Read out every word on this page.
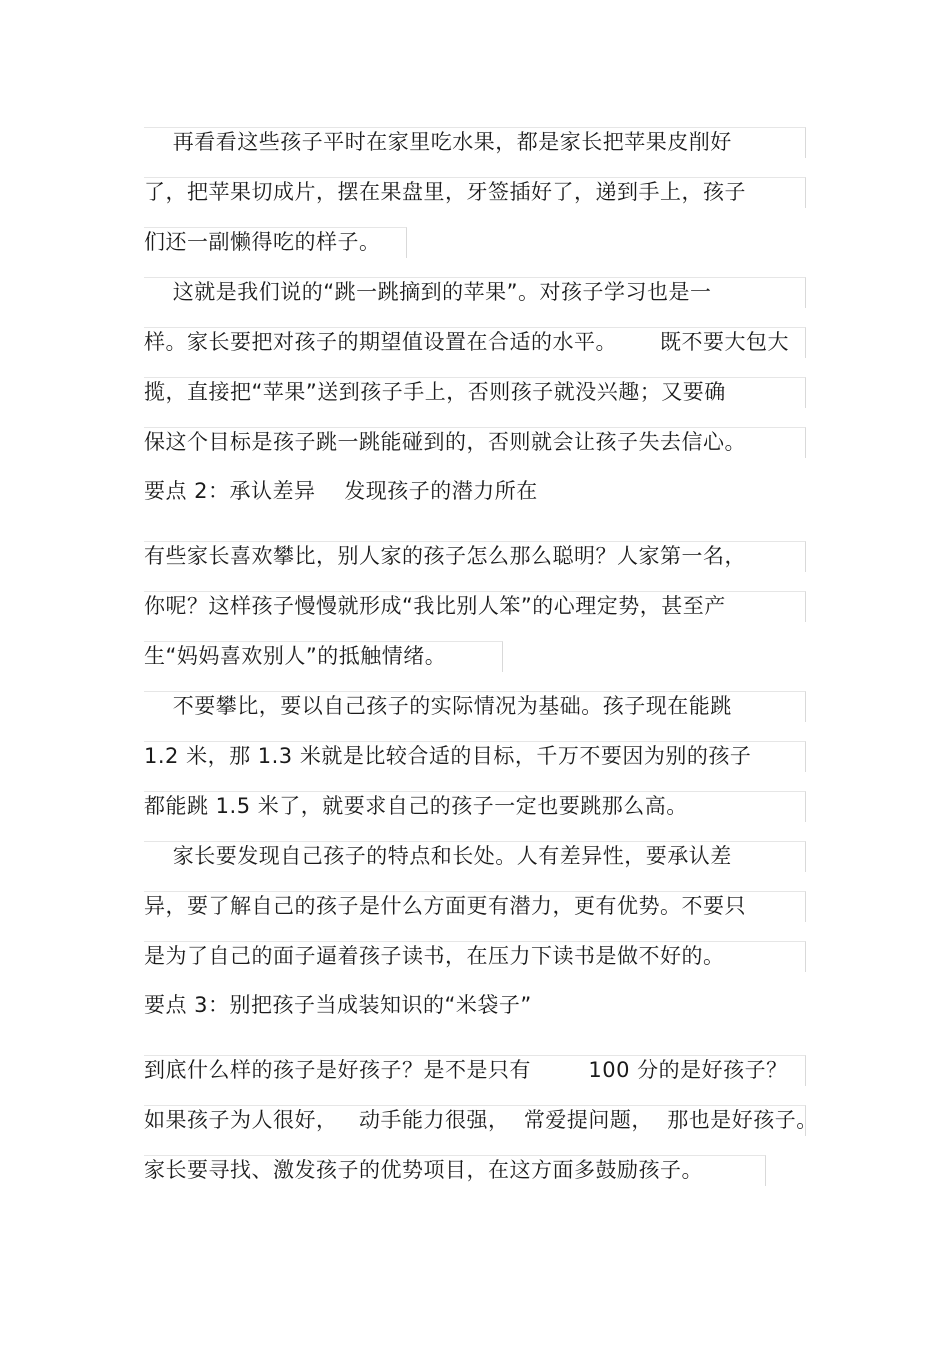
再看看这些孩子平时在家里吃水果，都是家长把苹果皮削好
了，把苹果切成片，摆在果盘里，牙签插好了，递到手上，孩子
们还一副懒得吃的样子。
这就是我们说的“跳一跳摘到的苹果”。对孩子学习也是一
样。家长要把对孩子的期望值设置在合适的水平。      既不要大包大
揽，直接把“苹果”送到孩子手上，否则孩子就没兴趣；又要确
保这个目标是孩子跳一跳能碰到的，否则就会让孩子失去信心。
要点 2：承认差异    发现孩子的潜力所在
有些家长喜欢攀比，别人家的孩子怎么那么聪明？人家第一名，
你呢？这样孩子慢慢就形成“我比别人笨”的心理定势，甚至产
生“妈妈喜欢别人”的抵触情绪。
不要攀比，要以自己孩子的实际情况为基础。孩子现在能跳
1.2 米，那 1.3 米就是比较合适的目标，千万不要因为别的孩子
都能跳 1.5 米了，就要求自己的孩子一定也要跳那么高。
家长要发现自己孩子的特点和长处。人有差异性，要承认差
异，要了解自己的孩子是什么方面更有潜力，更有优势。不要只
是为了自己的面子逼着孩子读书，在压力下读书是做不好的。
要点 3：别把孩子当成装知识的“米袋子”
到底什么样的孩子是好孩子？是不是只有        100 分的是好孩子？
如果孩子为人很好，   动手能力很强，  常爱提问题，  那也是好孩子。
家长要寻找、激发孩子的优势项目，在这方面多鼓励孩子。
